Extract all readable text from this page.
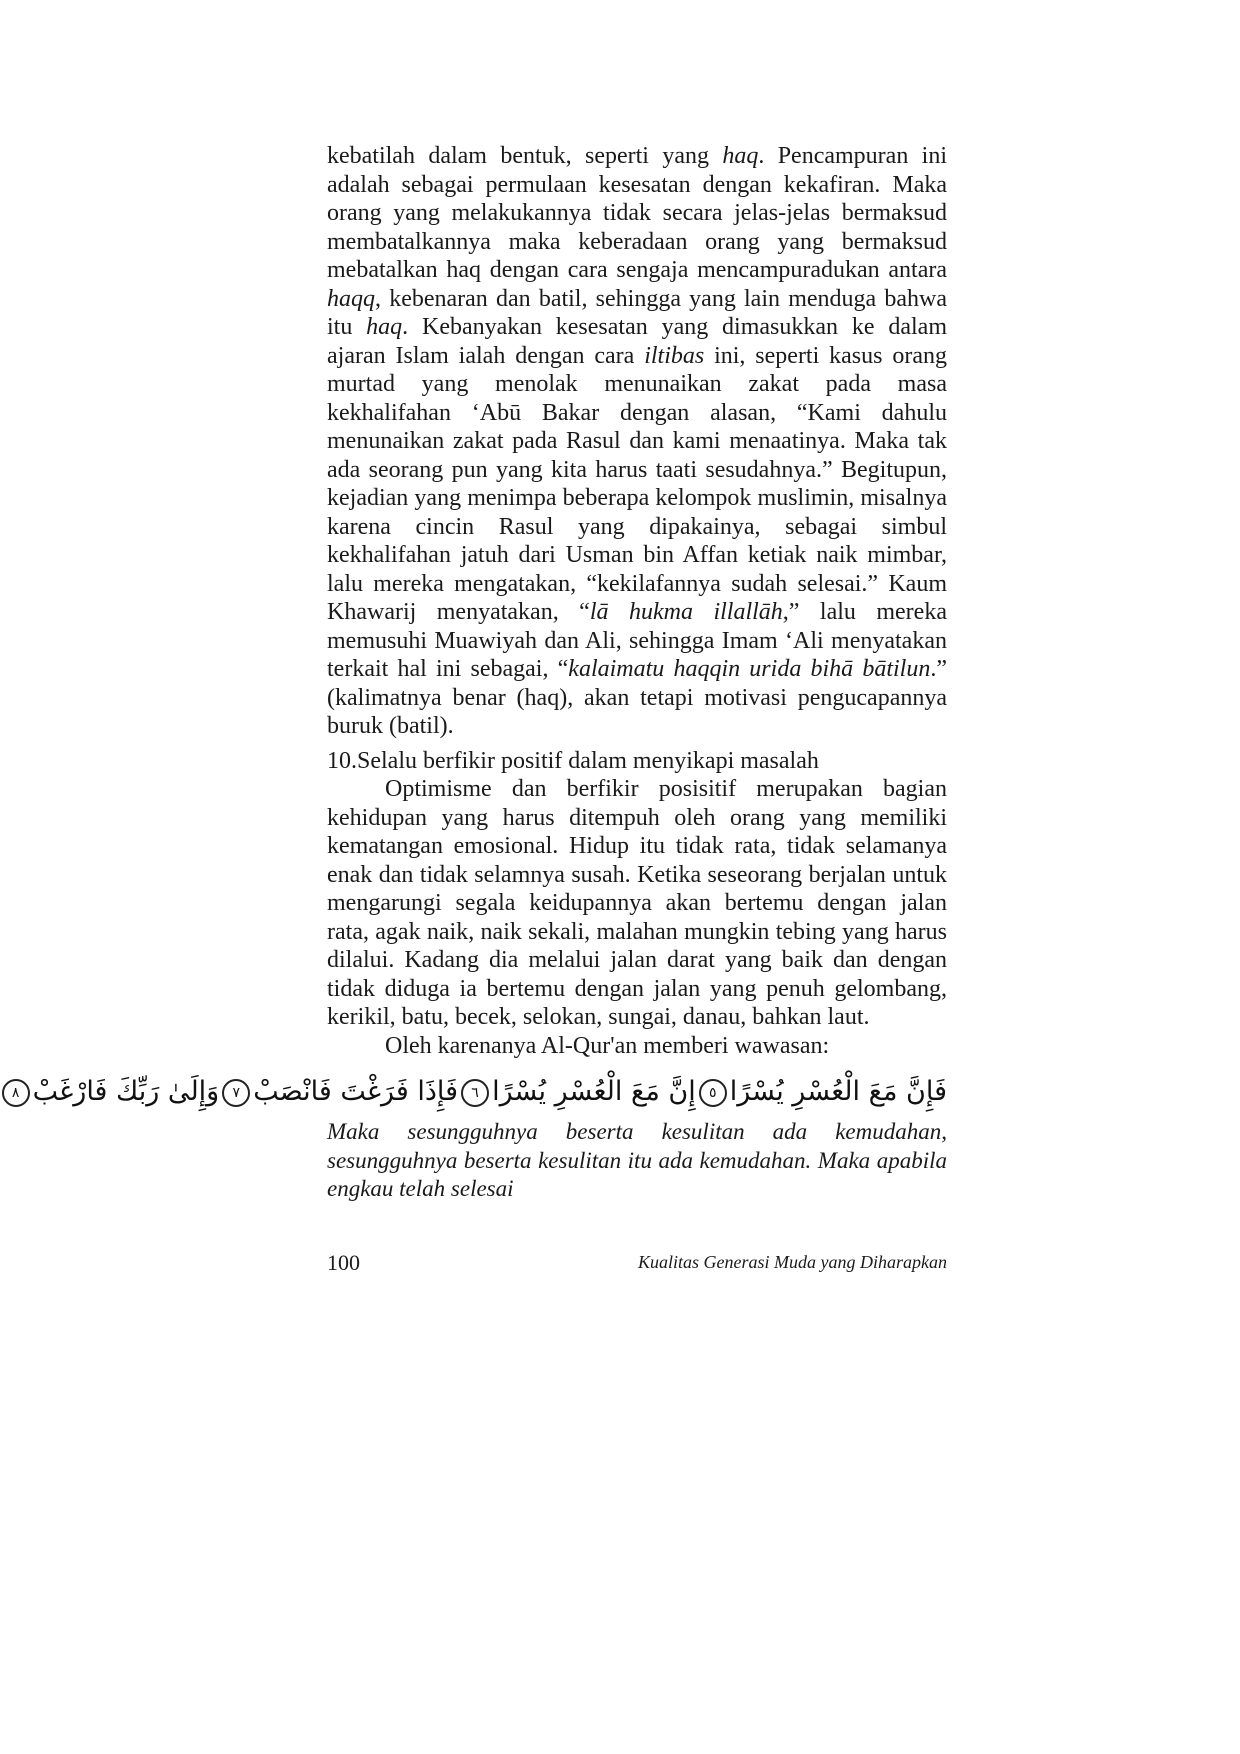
kebatilah dalam bentuk, seperti yang haq. Pencampuran ini adalah sebagai permulaan kesesatan dengan kekafiran. Maka orang yang melakukannya tidak secara jelas-jelas bermaksud membatalkannya maka keberadaan orang yang bermaksud mebatalkan haq dengan cara sengaja mencampuradukan antara haqq, kebenaran dan batil, sehingga yang lain menduga bahwa itu haq. Kebanyakan kesesatan yang dimasukkan ke dalam ajaran Islam ialah dengan cara iltibas ini, seperti kasus orang murtad yang menolak menunaikan zakat pada masa kekhalifahan ‘Abū Bakar dengan alasan, “Kami dahulu menunaikan zakat pada Rasul dan kami menaatinya. Maka tak ada seorang pun yang kita harus taati sesudahnya.” Begitupun, kejadian yang menimpa beberapa kelompok muslimin, misalnya karena cincin Rasul yang dipakainya, sebagai simbul kekhalifahan jatuh dari Usman bin Affan ketiak naik mimbar, lalu mereka mengatakan, “kekilafannya sudah selesai.” Kaum Khawarij menyatakan, “lā hukma illallāh,” lalu mereka memusuhi Muawiyah dan Ali, sehingga Imam ‘Ali menyatakan terkait hal ini sebagai, “kalaimatu haqqin urida bihā bātilun.” (kalimatnya benar (haq), akan tetapi motivasi pengucapannya buruk (batil).

10.Selalu berfikir positif dalam menyikapi masalah

Optimisme dan berfikir posisitif merupakan bagian kehidupan yang harus ditempuh oleh orang yang memiliki kematangan emosional. Hidup itu tidak rata, tidak selamanya enak dan tidak selamnya susah. Ketika seseorang berjalan untuk mengarungi segala keidupannya akan bertemu dengan jalan rata, agak naik, naik sekali, malahan mungkin tebing yang harus dilalui. Kadang dia melalui jalan darat yang baik dan dengan tidak diduga ia bertemu dengan jalan yang penuh gelombang, kerikil, batu, becek, selokan, sungai, danau, bahkan laut.

Oleh karenanya Al-Qur'an memberi wawasan:

فَإِنَّ مَعَ الْعُسْرِ يُسْرًا٥إِنَّ مَعَ الْعُسْرِ يُسْرًا٦فَإِذَا فَرَغْتَ فَانْصَبْ٧وَإِلَىٰ رَبِّكَ فَارْغَبْ٨

Maka sesungguhnya beserta kesulitan ada kemudahan, sesungguhnya beserta kesulitan itu ada kemudahan. Maka apabila engkau telah selesai

100	Kualitas Generasi Muda yang Diharapkan
